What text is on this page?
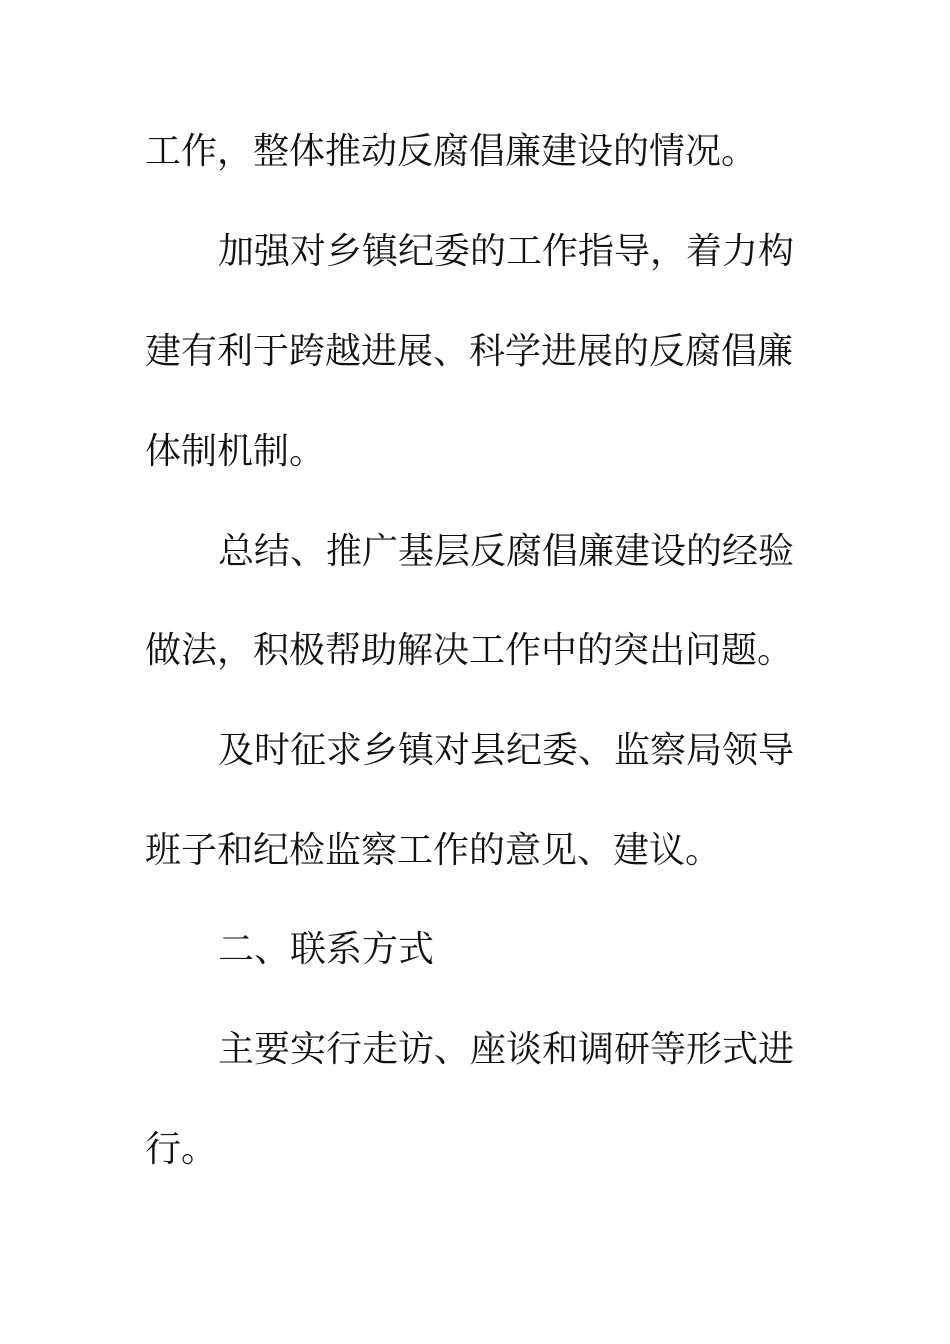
工作，整体推动反腐倡廉建设的情况。
加强对乡镇纪委的工作指导，着力构
建有利于跨越进展、科学进展的反腐倡廉
体制机制。
总结、推广基层反腐倡廉建设的经验
做法，积极帮助解决工作中的突出问题。
及时征求乡镇对县纪委、监察局领导
班子和纪检监察工作的意见、建议。
二、联系方式
主要实行走访、座谈和调研等形式进
行。
